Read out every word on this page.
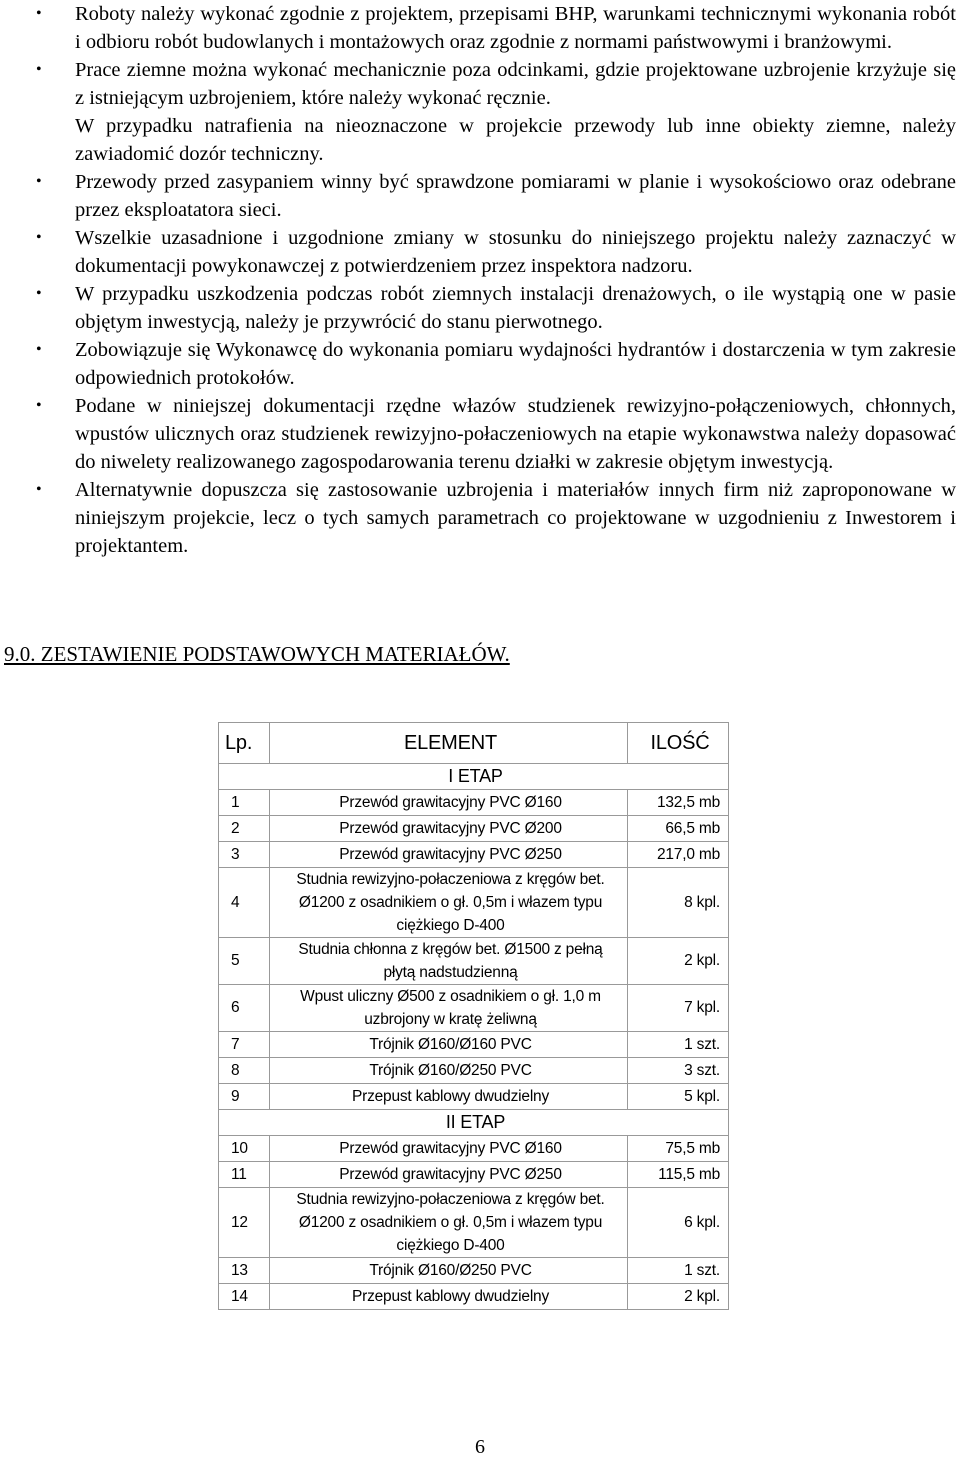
• Roboty należy wykonać zgodnie z projektem, przepisami BHP, warunkami technicznymi wykonania robót i odbioru robót budowlanych i montażowych oraz zgodnie z normami państwowymi i branżowymi.
• Prace ziemne można wykonać mechanicznie poza odcinkami, gdzie projektowane uzbrojenie krzyżuje się z istniejącym uzbrojeniem, które należy wykonać ręcznie.
W przypadku natrafienia na nieoznaczone w projekcie przewody lub inne obiekty ziemne, należy zawiadomić dozór techniczny.
• Przewody przed zasypaniem winny być sprawdzone pomiarami w planie i wysokościowo oraz odebrane przez eksploatatora sieci.
• Wszelkie uzasadnione i uzgodnione zmiany w stosunku do niniejszego projektu należy zaznaczyć w dokumentacji powykonawczej z potwierdzeniem przez inspektora nadzoru.
• W przypadku uszkodzenia podczas robót ziemnych instalacji drenażowych, o ile wystąpią one w pasie objętym inwestycją, należy je przywrócić do stanu pierwotnego.
• Zobowiązuje się Wykonawcę do wykonania pomiaru wydajności hydrantów i dostarczenia w tym zakresie odpowiednich protokołów.
• Podane w niniejszej dokumentacji rzędne włazów studzienek rewizyjno-połączeniowych, chłonnych, wpustów ulicznych oraz studzienek rewizyjno-połaczeniowych na etapie wykonawstwa należy dopasować do niwelety realizowanego zagospodarowania terenu działki w zakresie objętym inwestycją.
• Alternatywnie dopuszcza się zastosowanie uzbrojenia i materiałów innych firm niż zaproponowane w niniejszym projekcie, lecz o tych samych parametrach co projektowane w uzgodnieniu z Inwestorem i projektantem.

9.0. ZESTAWIENIE PODSTAWOWYCH MATERIAŁÓW.

Lp.	ELEMENT	ILOŚĆ
I ETAP		
1	Przewód grawitacyjny PVC Ø160	132,5 mb
2	Przewód grawitacyjny PVC Ø200	66,5 mb
3	Przewód grawitacyjny PVC Ø250	217,0 mb
4	Studnia rewizyjno-połaczeniowa z kręgów bet. Ø1200 z osadnikiem o gł. 0,5m i włazem typu ciężkiego D-400	8 kpl.
5	Studnia chłonna z kręgów bet. Ø1500 z pełną płytą nadstudzienną	2 kpl.
6	Wpust uliczny Ø500 z osadnikiem o gł. 1,0 m uzbrojony w kratę żeliwną	7 kpl.
7	Trójnik Ø160/Ø160 PVC	1 szt.
8	Trójnik Ø160/Ø250 PVC	3 szt.
9	Przepust kablowy dwudzielny	5 kpl.
II ETAP		
10	Przewód grawitacyjny PVC Ø160	75,5 mb
11	Przewód grawitacyjny PVC Ø250	115,5 mb
12	Studnia rewizyjno-połaczeniowa z kręgów bet. Ø1200 z osadnikiem o gł. 0,5m i włazem typu ciężkiego D-400	6 kpl.
13	Trójnik Ø160/Ø250 PVC	1 szt.
14	Przepust kablowy dwudzielny	2 kpl.

6
